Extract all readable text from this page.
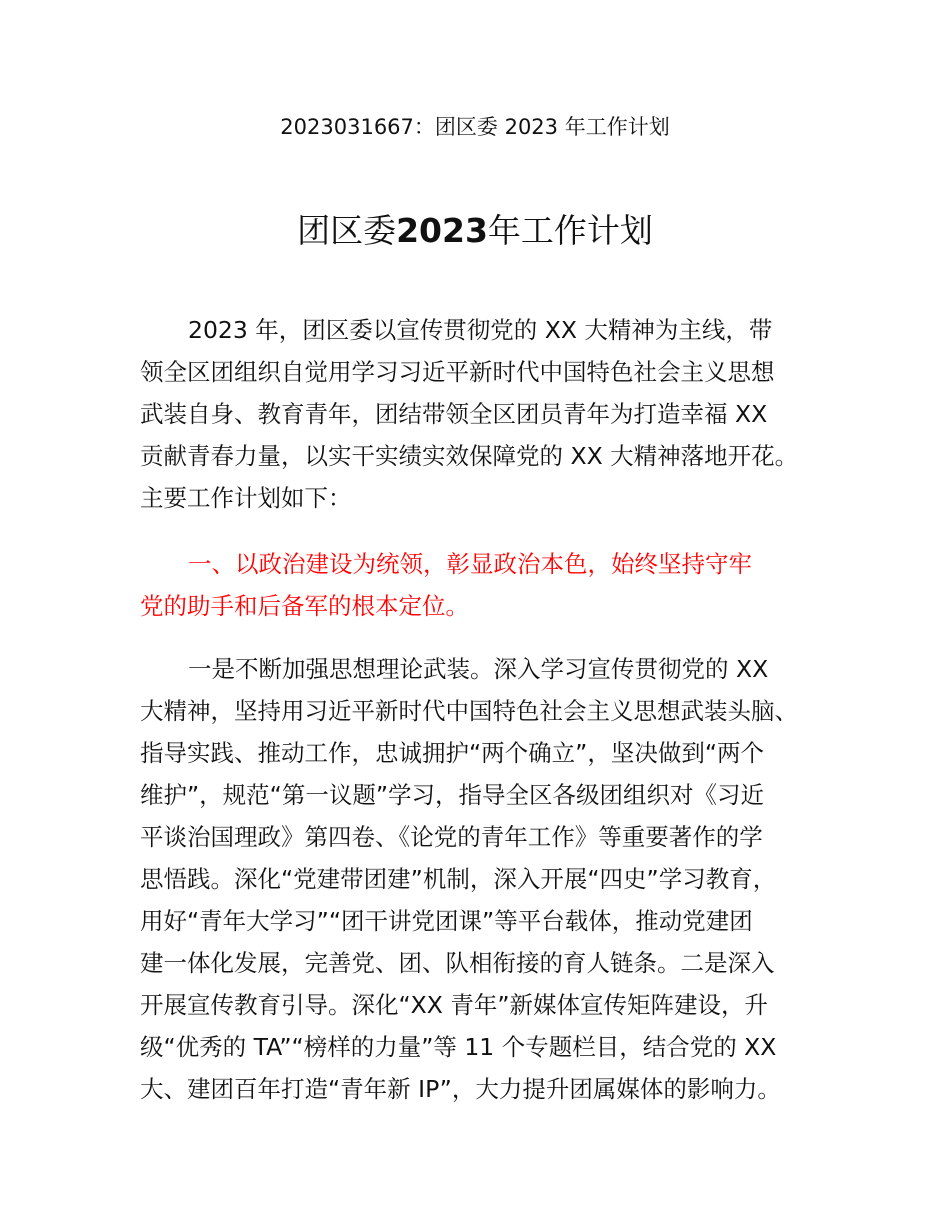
2023031667：团区委 2023 年工作计划
团区委2023年工作计划
2023 年，团区委以宣传贯彻党的 XX 大精神为主线，带
领全区团组织自觉用学习习近平新时代中国特色社会主义思想
武装自身、教育青年，团结带领全区团员青年为打造幸福 XX
贡献青春力量，以实干实绩实效保障党的 XX 大精神落地开花。
主要工作计划如下：
一、以政治建设为统领，彰显政治本色，始终坚持守牢
党的助手和后备军的根本定位。
一是不断加强思想理论武装。深入学习宣传贯彻党的 XX
大精神，坚持用习近平新时代中国特色社会主义思想武装头脑、
指导实践、推动工作，忠诚拥护“两个确立”，坚决做到“两个
维护”，规范“第一议题”学习，指导全区各级团组织对《习近
平谈治国理政》第四卷、《论党的青年工作》等重要著作的学
思悟践。深化“党建带团建”机制，深入开展“四史”学习教育，
用好“青年大学习”“团干讲党团课”等平台载体，推动党建团
建一体化发展，完善党、团、队相衔接的育人链条。二是深入
开展宣传教育引导。深化“XX 青年”新媒体宣传矩阵建设，升
级“优秀的 TA”“榜样的力量”等 11 个专题栏目，结合党的 XX
大、建团百年打造“青年新 IP”，大力提升团属媒体的影响力。
